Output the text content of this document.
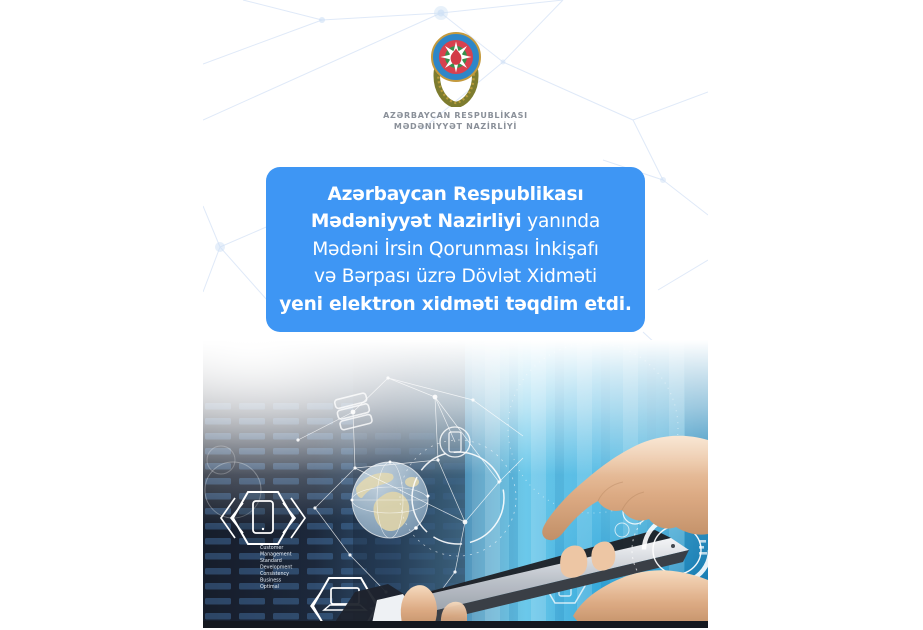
AZƏRBAYCAN RESPUBLİKASI
MƏDƏNİYYƏT NAZİRLİYİ
Azərbaycan Respublikası
Mədəniyyət Nazirliyi yanında
Mədəni İrsin Qorunması İnkişafı
və Bərpası üzrə Dövlət Xidməti
yeni elektron xidməti təqdim etdi.
Customer
Management
Standard
Development
Consistency
Business
Optimal
